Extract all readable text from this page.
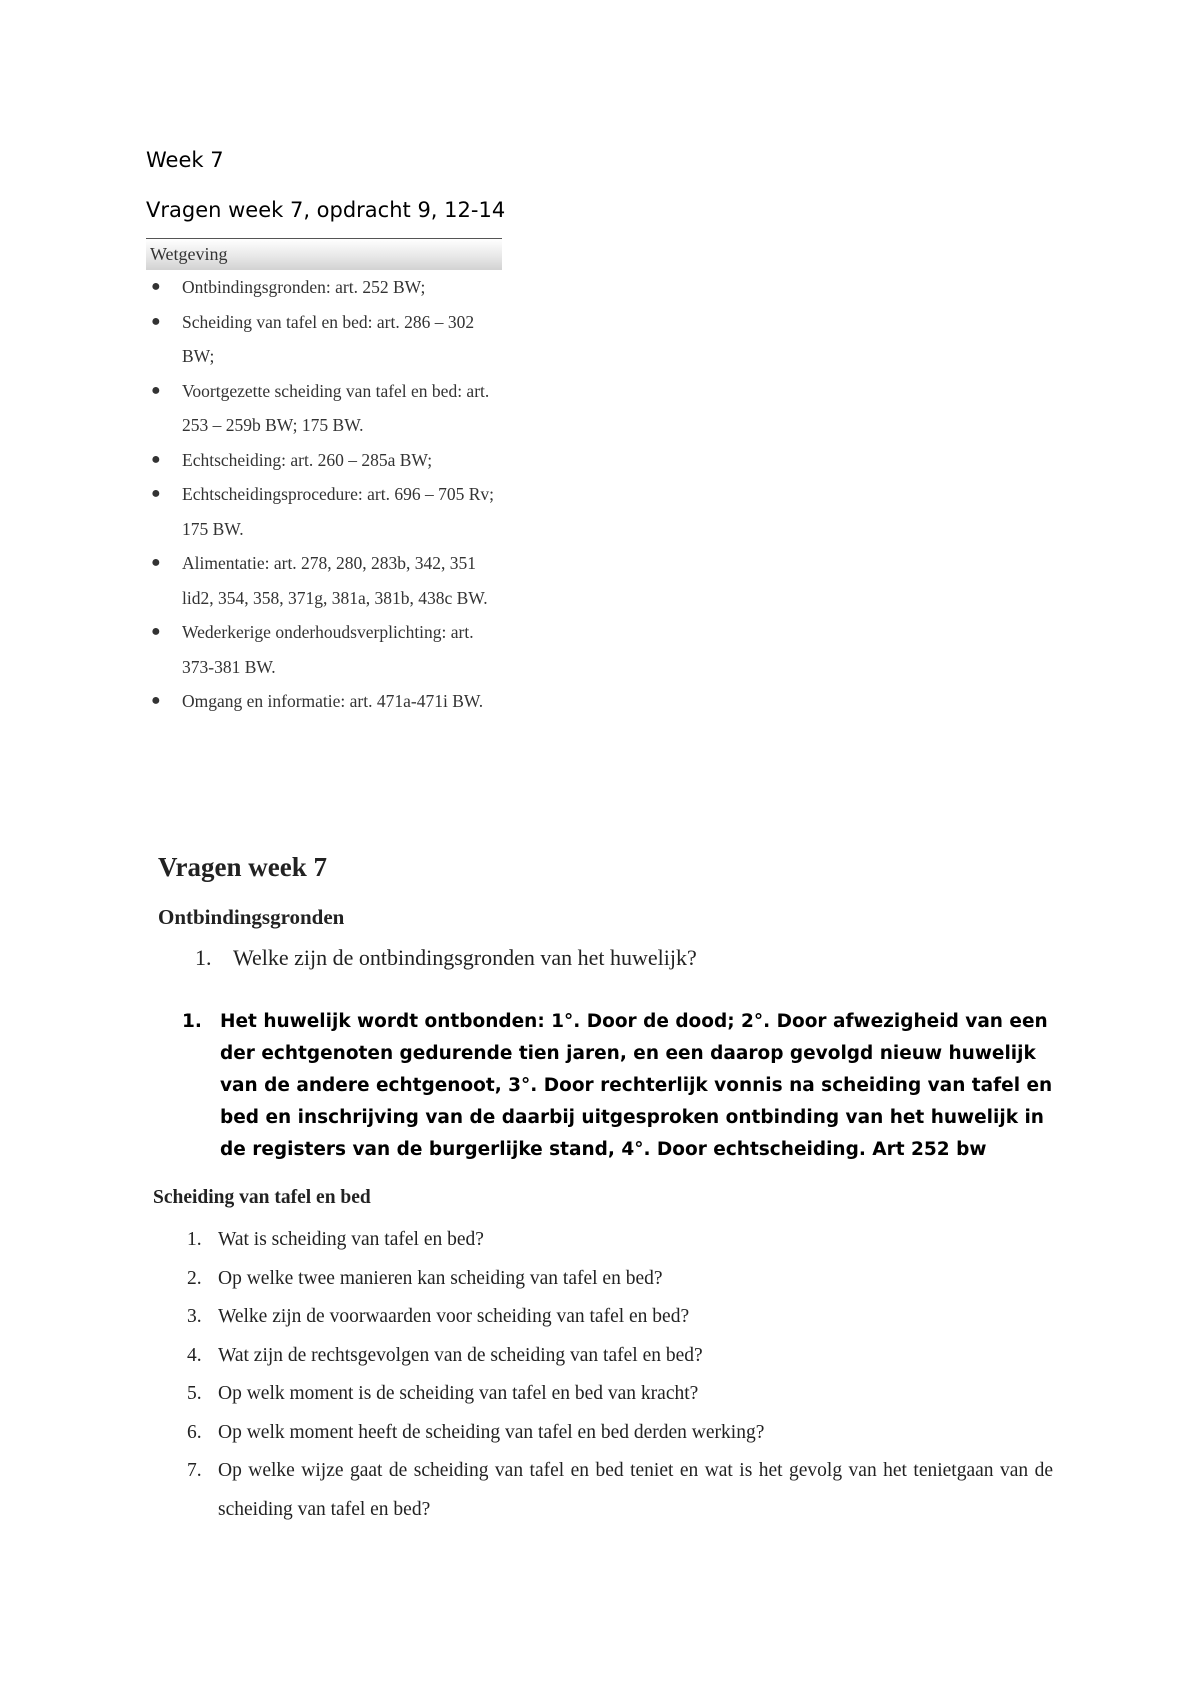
Week 7
Vragen week 7, opdracht 9, 12-14
Wetgeving
● Ontbindingsgronden: art. 252 BW;
● Scheiding van tafel en bed: art. 286 – 302 BW;
● Voortgezette scheiding van tafel en bed: art. 253 – 259b BW; 175 BW.
● Echtscheiding: art. 260 – 285a BW;
● Echtscheidingsprocedure: art. 696 – 705 Rv; 175 BW.
● Alimentatie: art. 278, 280, 283b, 342, 351 lid2, 354, 358, 371g, 381a, 381b, 438c BW.
● Wederkerige onderhoudsverplichting: art. 373-381 BW.
● Omgang en informatie: art. 471a-471i BW.
Vragen week 7
Ontbindingsgronden
1. Welke zijn de ontbindingsgronden van het huwelijk?
1. Het huwelijk wordt ontbonden: 1°. Door de dood; 2°. Door afwezigheid van een der echtgenoten gedurende tien jaren, en een daarop gevolgd nieuw huwelijk van de andere echtgenoot, 3°. Door rechterlijk vonnis na scheiding van tafel en bed en inschrijving van de daarbij uitgesproken ontbinding van het huwelijk in de registers van de burgerlijke stand, 4°. Door echtscheiding. Art 252 bw
Scheiding van tafel en bed
1. Wat is scheiding van tafel en bed?
2. Op welke twee manieren kan scheiding van tafel en bed?
3. Welke zijn de voorwaarden voor scheiding van tafel en bed?
4. Wat zijn de rechtsgevolgen van de scheiding van tafel en bed?
5. Op welk moment is de scheiding van tafel en bed van kracht?
6. Op welk moment heeft de scheiding van tafel en bed derden werking?
7. Op welke wijze gaat de scheiding van tafel en bed teniet en wat is het gevolg van het tenietgaan van de scheiding van tafel en bed?
